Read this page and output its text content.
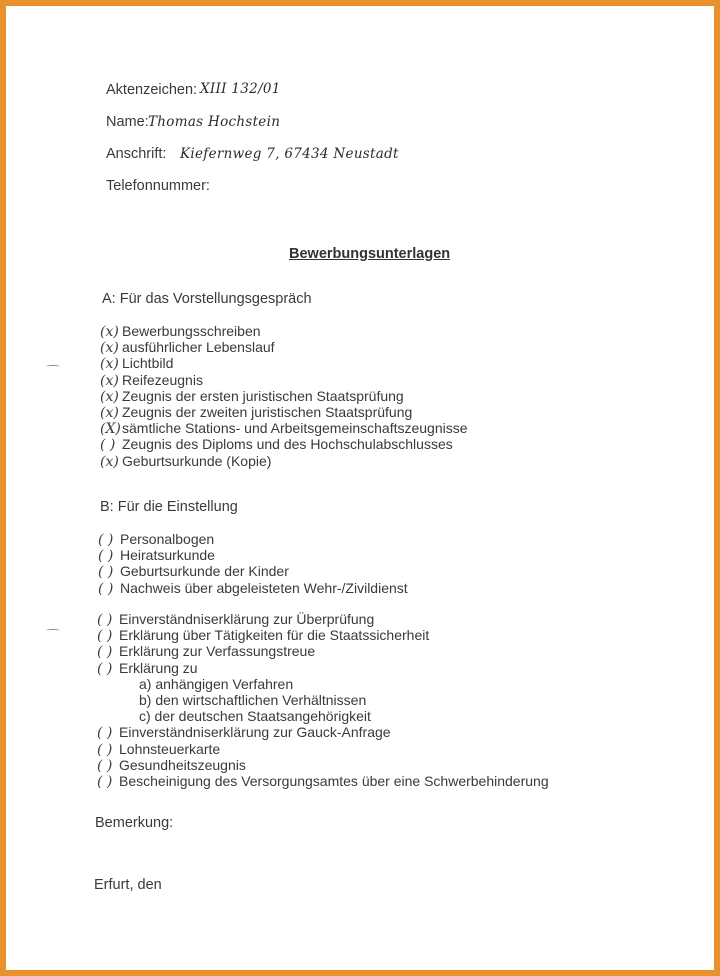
Aktenzeichen: XIII 132/01
Name: Thomas Hochstein
Anschrift: Kiefernweg 7, 67434 Neustadt
Telefonnummer:
Bewerbungsunterlagen
A: Für das Vorstellungsgespräch
(x) Bewerbungsschreiben
(x) ausführlicher Lebenslauf
(x) Lichtbild
(x) Reifezeugnis
(x) Zeugnis der ersten juristischen Staatsprüfung
(x) Zeugnis der zweiten juristischen Staatsprüfung
(X)sämtliche Stations- und Arbeitsgemeinschaftszeugnisse
( ) Zeugnis des Diploms und des Hochschulabschlusses
(x) Geburtsurkunde (Kopie)
B: Für die Einstellung
( ) Personalbogen
( ) Heiratsurkunde
( ) Geburtsurkunde der Kinder
( ) Nachweis über abgeleisteten Wehr-/Zivildienst
( ) Einverständniserklärung zur Überprüfung
( ) Erklärung über Tätigkeiten für die Staatssicherheit
( ) Erklärung zur Verfassungstreue
( ) Erklärung zu
a) anhängigen Verfahren
b) den wirtschaftlichen Verhältnissen
c) der deutschen Staatsangehörigkeit
( ) Einverständniserklärung zur Gauck-Anfrage
( ) Lohnsteuerkarte
( ) Gesundheitszeugnis
( ) Bescheinigung des Versorgungsamtes über eine Schwerbehinderung
Bemerkung:
Erfurt, den
